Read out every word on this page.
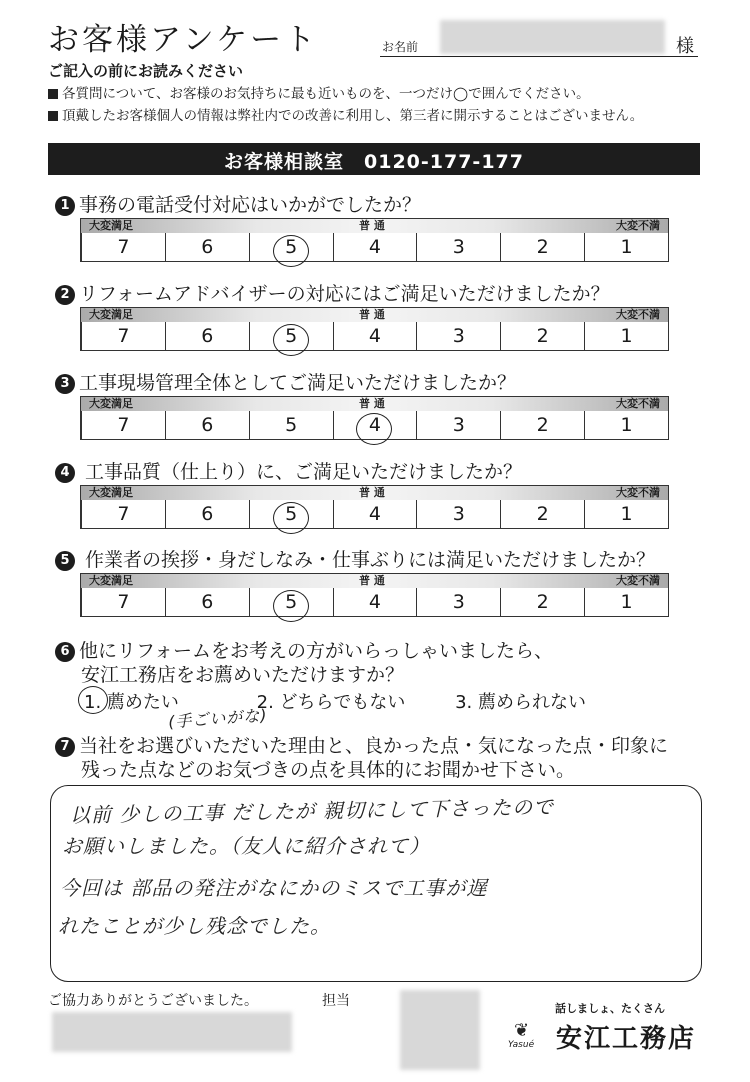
お客様アンケート	お名前	様
ご記入の前にお読みください
各質問について、お客様のお気持ちに最も近いものを、一つだけ◯で囲んでください。
頂戴したお客様個人の情報は弊社内での改善に利用し、第三者に開示することはございません。
お客様相談室　0120-177-177
1 事務の電話受付対応はいかがでしたか？
大変満足	普 通	大変不満
7	6	5	4	3	2	1
2 リフォームアドバイザーの対応にはご満足いただけましたか？
大変満足	普 通	大変不満
7	6	5	4	3	2	1
3 工事現場管理全体としてご満足いただけましたか？
大変満足	普 通	大変不満
7	6	5	4	3	2	1
4 工事品質（仕上り）に、ご満足いただけましたか？
大変満足	普 通	大変不満
7	6	5	4	3	2	1
5 作業者の挨拶・身だしなみ・仕事ぶりには満足いただけましたか？
大変満足	普 通	大変不満
7	6	5	4	3	2	1
6 他にリフォームをお考えの方がいらっしゃいましたら、
安江工務店をお薦めいただけますか？
1. 薦めたい	2. どちらでもない	3. 薦められない
(手ごいがな)
7 当社をお選びいただいた理由と、良かった点・気になった点・印象に
残った点などのお気づきの点を具体的にお聞かせ下さい。
以前 少しの工事 だしたが 親切にして下さったので
お願いしました。（友人に紹介されて）
今回は 部品の発注がなにかのミスで工事が遅
れたことが少し残念でした。
ご協力ありがとうございました。	担当	話しましょ、たくさん
❦
Yasué 安江工務店
